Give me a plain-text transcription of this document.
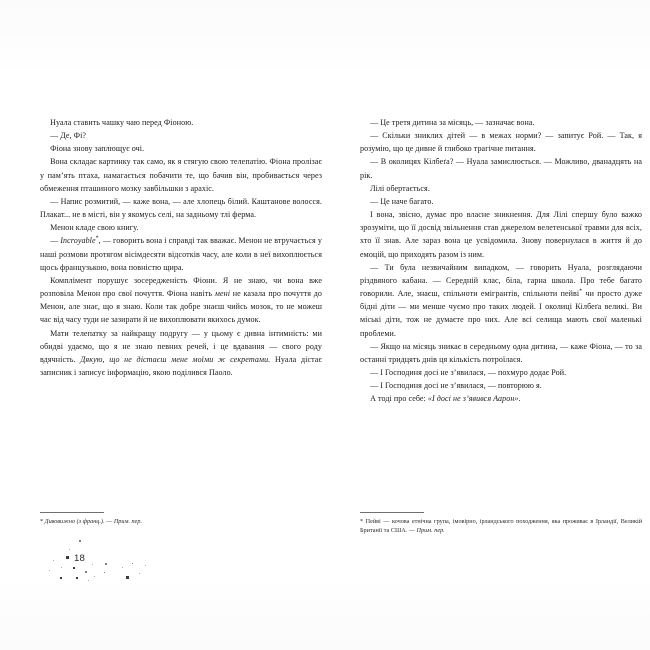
Нуала ставить чашку чаю перед Фіоною.

— Де, Фі?

Фіона знову заплющує очі.

Вона складає картинку так само, як я стягую свою телепатію. Фіона пролізає у пам’ять птаха, намагається побачити те, що бачив він, пробивається через обмеження пташиного мозку завбільшки з арахіс.

— Напис розмитий, — каже вона, — але хлопець білий. Каштанове волосся. Плакат... не в місті, він у якомусь селі, на задньому тлі ферма.

Менон кладе свою книгу.

— Incroyable*, — говорить вона і справді так вважає. Менон не втручається у наші розмови протягом вісімдесяти відсотків часу, але коли в неї вихоплюється щось французькою, вона повністю щира.

Комплімент порушує зосередженість Фіони. Я не знаю, чи вона вже розповіла Менон про свої почуття. Фіона навіть мені не казала про почуття до Менон, але знає, що я знаю. Коли так добре знаєш чийсь мозок, то не можеш час від часу туди не зазирати й не вихоплювати якихось думок.

Мати телепатку за найкращу подругу — у цьому є дивна інтимність: ми обидві удаємо, що я не знаю певних речей, і це вдавання — свого роду вдячність. Дякую, що не дістаєш мене моїми ж секретами. Нуала дістає записник і записує інформацію, якою поділився Паоло.

* Дивовижно (з франц.). — Прим. пер.

18

— Це третя дитина за місяць, — зазначає вона.

— Скільки зниклих дітей — в межах норми? — запитує Рой. — Так, я розумію, що це дивне й глибоко трагічне питання.

— В околицях Кілбеґа? — Нуала замислюється. — Можливо, дванадцять на рік.

Лілі обертається.

— Це наче багато.

І вона, звісно, думає про власне зникнення. Для Лілі спершу було важко зрозуміти, що її досвід звільнення став джерелом велетенської травми для всіх, хто її знав. Але зараз вона це усвідомила. Знову повернулася в життя й до емоцій, що приходять разом із ним.

— Ти була незвичайним випадком, — говорить Нуала, розглядаючи різдвяного кабана. — Середній клас, біла, гарна школа. Про тебе багато говорили. Але, знаєш, спільноти емігрантів, спільноти пейві* чи просто дуже бідні діти — ми менше чуємо про таких людей. І околиці Кілбеґа великі. Ви міські діти, тож не думаєте про них. Але всі селища мають свої маленькі проблеми.

— Якщо на місяць зникає в середньому одна дитина, — каже Фіона, — то за останні тридцять днів ця кількість потроїлася.

— І Господиня досі не з’явилася, — похмуро додає Рой.

— І Господиня досі не з’явилася, — повторюю я.

А тоді про себе: «І досі не з’явився Аарон».

* Пейві — кочова етнічна група, імовірно, ірландського походження, яка проживає в Ірландії, Великій Британії та США. — Прим. пер.
